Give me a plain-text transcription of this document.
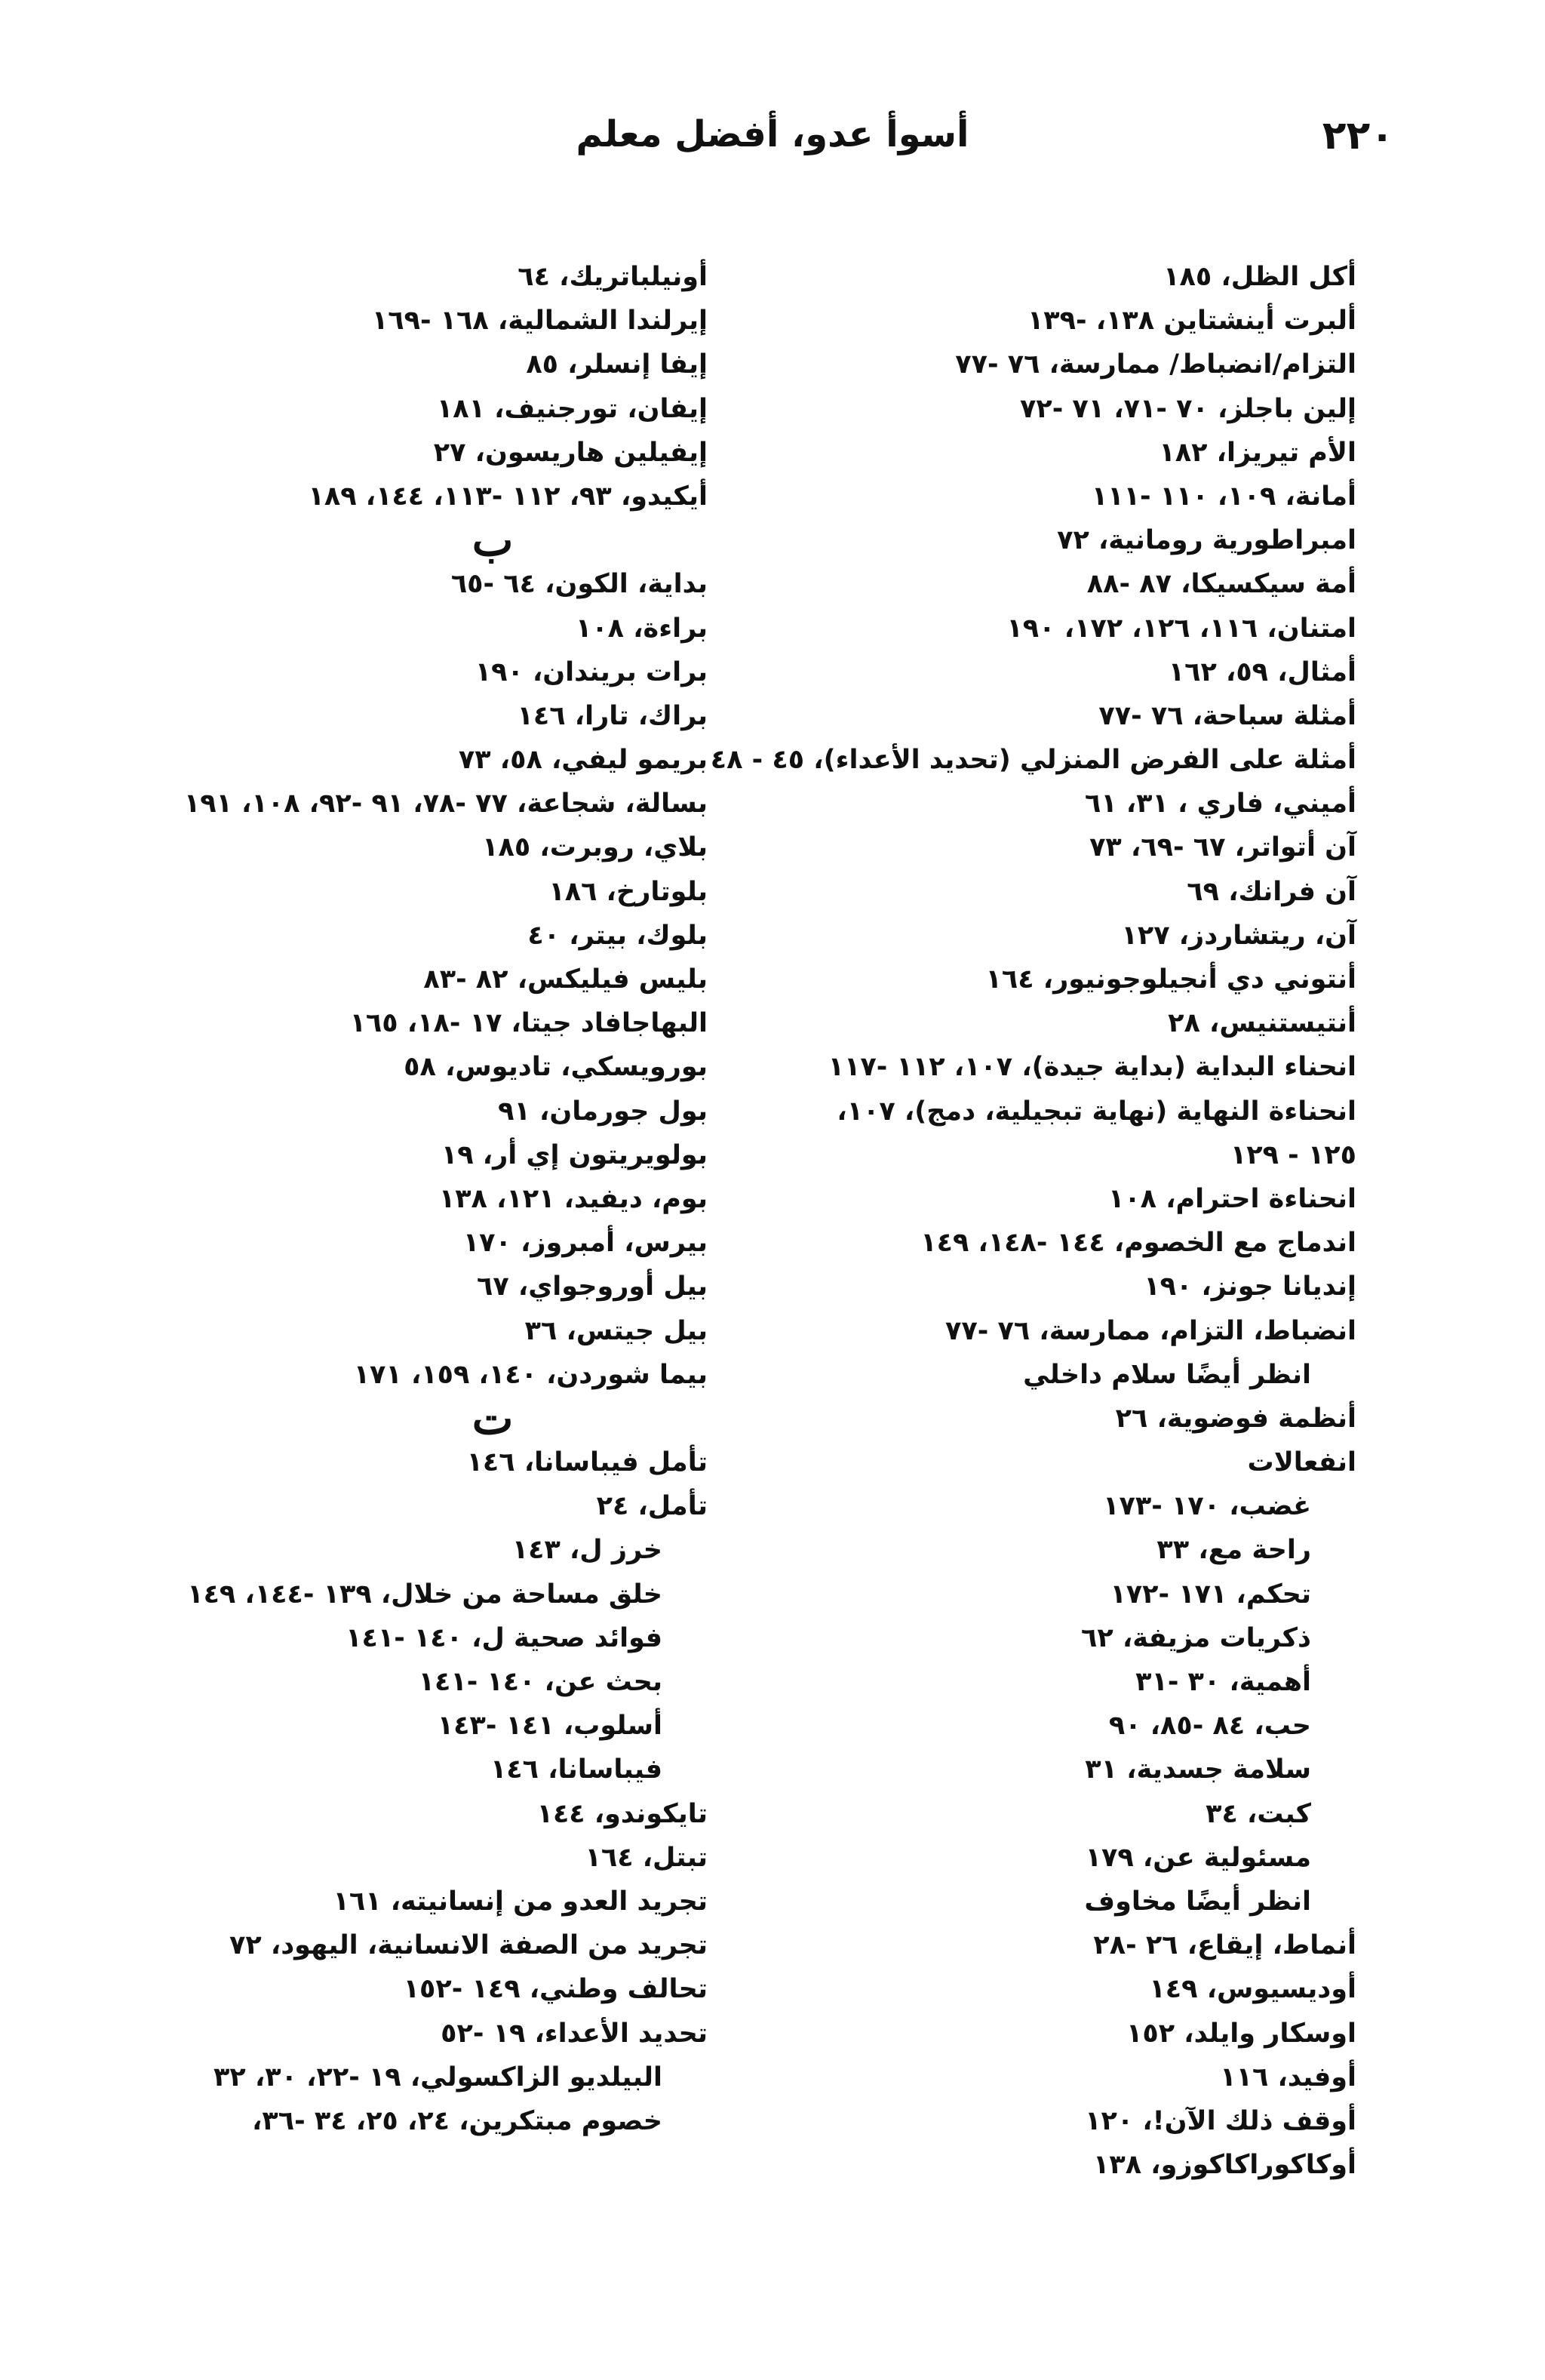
٢٢٠
أسوأ عدو، أفضل معلم
أكل الظل، ١٨٥
ألبرت أينشتاين ١٣٨، -١٣٩
التزام/انضباط/ ممارسة، ٧٦ -٧٧
إلين باجلز، ٧٠ -٧١، ٧١ -٧٢
الأم تيريزا، ١٨٢
أمانة، ١٠٩، ١١٠ -١١١
امبراطورية رومانية، ٧٢
أمة سيكسيكا، ٨٧ -٨٨
امتنان، ١١٦، ١٢٦، ١٧٢، ١٩٠
أمثال، ٥٩، ١٦٢
أمثلة سباحة، ٧٦ -٧٧
أمثلة على الفرض المنزلي (تحديد الأعداء)، ٤٥ - ٤٨
أميني، فاري ، ٣١، ٦١
آن أتواتر، ٦٧ -٦٩، ٧٣
آن فرانك، ٦٩
آن، ريتشاردز، ١٢٧
أنتوني دي أنجيلوجونيور، ١٦٤
أنتيستنيس، ٢٨
انحناء البداية (بداية جيدة)، ١٠٧، ١١٢ -١١٧
انحناءة النهاية (نهاية تبجيلية، دمج)، ١٠٧، ١٢٥ - ١٢٩
انحناءة احترام، ١٠٨
اندماج مع الخصوم، ١٤٤ -١٤٨، ١٤٩
إنديانا جونز، ١٩٠
انضباط، التزام، ممارسة، ٧٦ -٧٧
انظر أيضًا سلام داخلي
أنظمة فوضوية، ٢٦
انفعالات
غضب، ١٧٠ -١٧٣
راحة مع، ٣٣
تحكم، ١٧١ -١٧٢
ذكريات مزيفة، ٦٢
أهمية، ٣٠ -٣١
حب، ٨٤ -٨٥، ٩٠
سلامة جسدية، ٣١
كبت، ٣٤
مسئولية عن، ١٧٩
انظر أيضًا مخاوف
أنماط، إيقاع، ٢٦ -٢٨
أوديسيوس، ١٤٩
اوسكار وايلد، ١٥٢
أوفيد، ١١٦
أوقف ذلك الآن!، ١٢٠
أوكاكوراكاكوزو، ١٣٨
أونيلباتريك، ٦٤
إيرلندا الشمالية، ١٦٨ -١٦٩
إيفا إنسلر، ٨٥
إيفان، تورجنيف، ١٨١
إيفيلين هاريسون، ٢٧
أيكيدو، ٩٣، ١١٢ -١١٣، ١٤٤، ١٨٩
ب
بداية، الكون، ٦٤ -٦٥
براءة، ١٠٨
برات بريندان، ١٩٠
براك، تارا، ١٤٦
بريمو ليفي، ٥٨، ٧٣
بسالة، شجاعة، ٧٧ -٧٨، ٩١ -٩٢، ١٠٨، ١٩١
بلاي، روبرت، ١٨٥
بلوتارخ، ١٨٦
بلوك، بيتر، ٤٠
بليس فيليكس، ٨٢ -٨٣
البهاجافاد جيتا، ١٧ -١٨، ١٦٥
بورويسكي، تاديوس، ٥٨
بول جورمان، ٩١
بولويريتون إي أر، ١٩
بوم، ديفيد، ١٢١، ١٣٨
بيرس، أمبروز، ١٧٠
بيل أوروجواي، ٦٧
بيل جيتس، ٣٦
بيما شوردن، ١٤٠، ١٥٩، ١٧١
ت
تأمل فيباسانا، ١٤٦
تأمل، ٢٤
خرز ل، ١٤٣
خلق مساحة من خلال، ١٣٩ -١٤٤، ١٤٩
فوائد صحية ل، ١٤٠ -١٤١
بحث عن، ١٤٠ -١٤١
أسلوب، ١٤١ -١٤٣
فيباسانا، ١٤٦
تايكوندو، ١٤٤
تبتل، ١٦٤
تجريد العدو من إنسانيته، ١٦١
تجريد من الصفة الانسانية، اليهود، ٧٢
تحالف وطني، ١٤٩ -١٥٢
تحديد الأعداء، ١٩ -٥٢
البيلديو الزاكسولي، ١٩ -٢٢، ٣٠، ٣٢
خصوم مبتكرين، ٢٤، ٢٥، ٣٤ -٣٦،
